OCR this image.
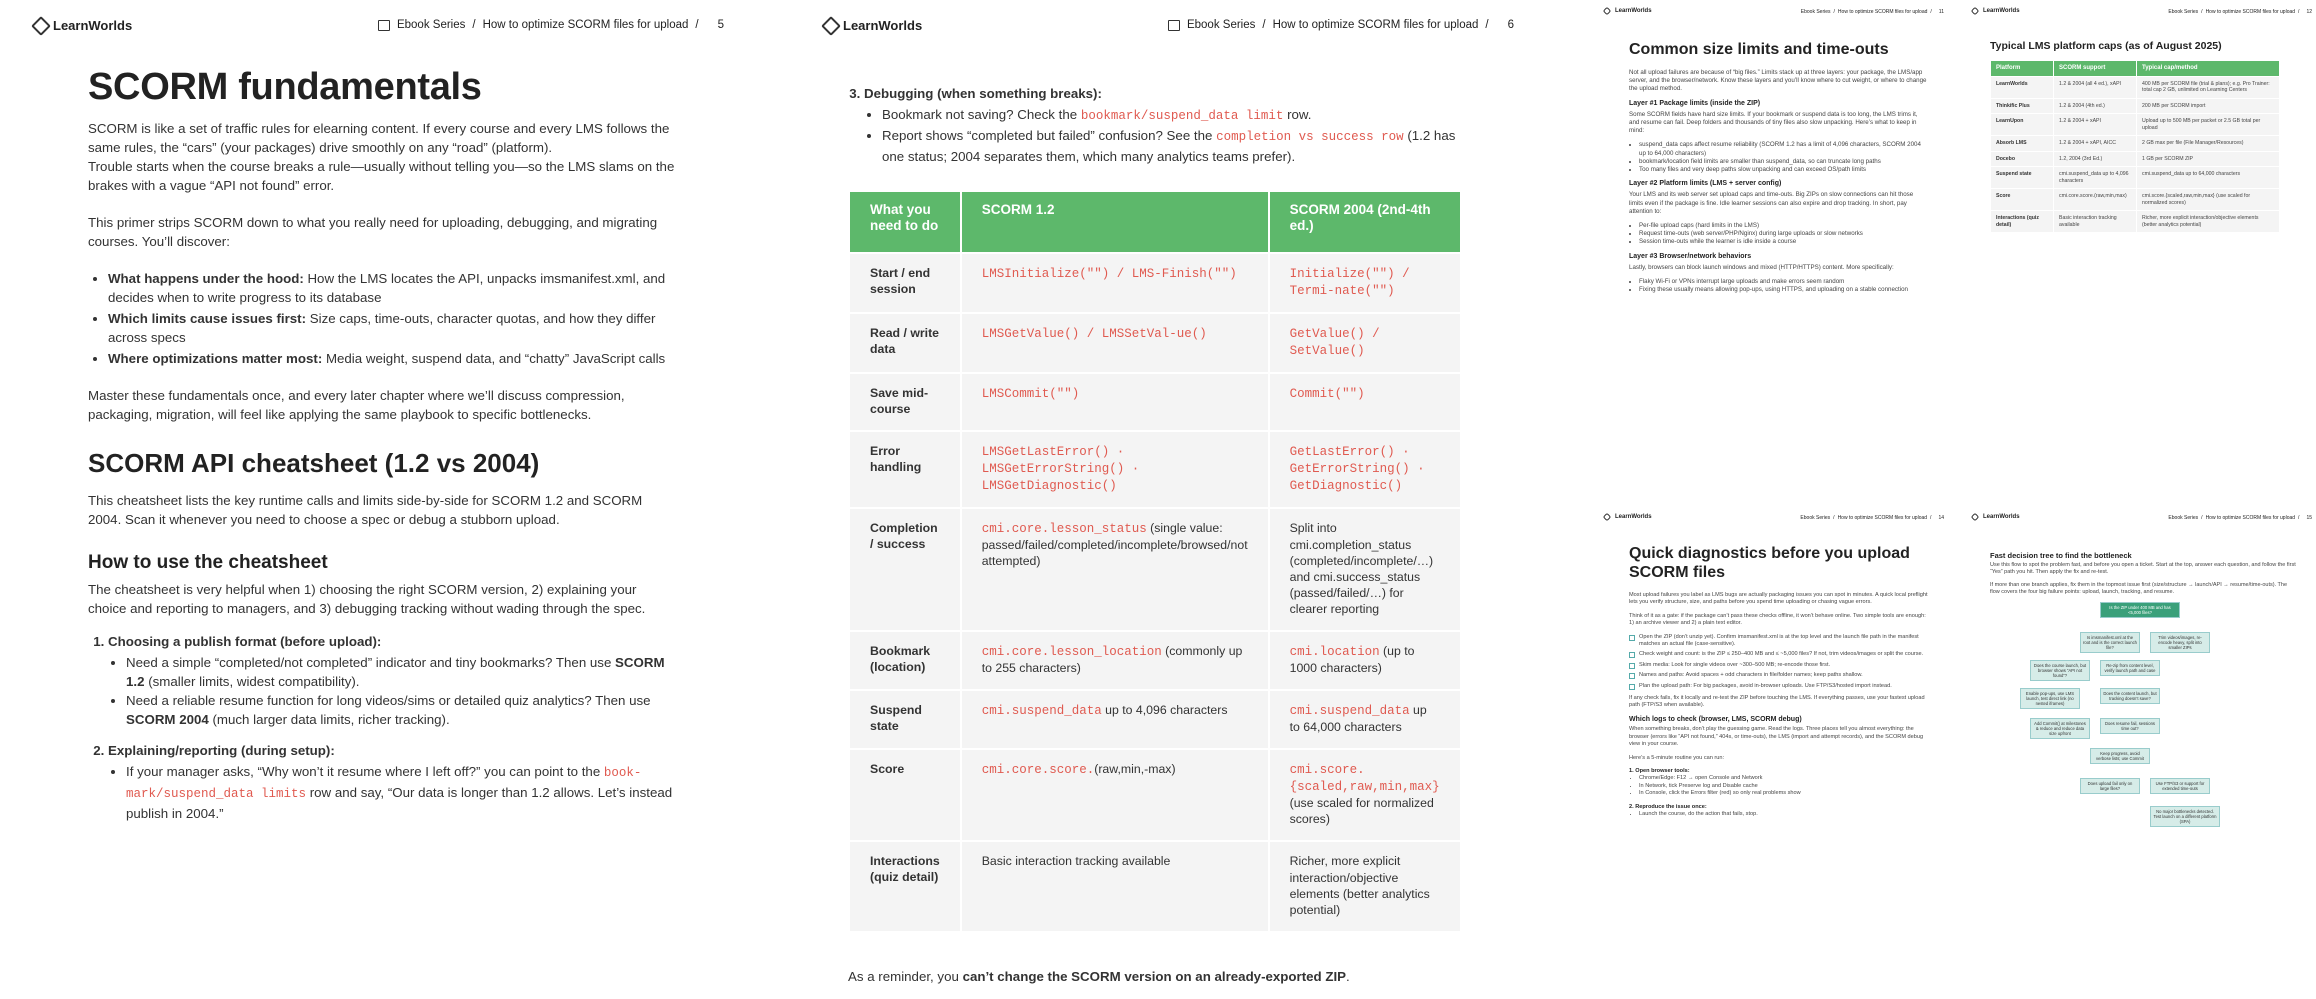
LearnWorlds	Ebook Series / How to optimize SCORM files for upload / 5
SCORM fundamentals

SCORM is like a set of traffic rules for elearning content. If every course and every LMS follows the same rules, the “cars” (your packages) drive smoothly on any “road” (platform).
Trouble starts when the course breaks a rule—usually without telling you—so the LMS slams on the brakes with a vague “API not found” error.

This primer strips SCORM down to what you really need for uploading, debugging, and migrating courses. You’ll discover:

• What happens under the hood: How the LMS locates the API, unpacks imsmanifest.xml, and decides when to write progress to its database
• Which limits cause issues first: Size caps, time-outs, character quotas, and how they differ across specs
• Where optimizations matter most: Media weight, suspend data, and “chatty” JavaScript calls

Master these fundamentals once, and every later chapter where we’ll discuss compression, packaging, migration, will feel like applying the same playbook to specific bottlenecks.

SCORM API cheatsheet (1.2 vs 2004)

This cheatsheet lists the key runtime calls and limits side-by-side for SCORM 1.2 and SCORM 2004. Scan it whenever you need to choose a spec or debug a stubborn upload.

How to use the cheatsheet

The cheatsheet is very helpful when 1) choosing the right SCORM version, 2) explaining your choice and reporting to managers, and 3) debugging tracking without wading through the spec.

1. Choosing a publish format (before upload):
• Need a simple “completed/not completed” indicator and tiny bookmarks? Then use SCORM 1.2 (smaller limits, widest compatibility).
• Need a reliable resume function for long videos/sims or detailed quiz analytics? Then use SCORM 2004 (much larger data limits, richer tracking).
2. Explaining/reporting (during setup):
• If your manager asks, “Why won’t it resume where I left off?” you can point to the book-mark/suspend_data limits row and say, “Our data is longer than 1.2 allows. Let’s instead publish in 2004.”
LearnWorlds	Ebook Series / How to optimize SCORM files for upload / 6
3. Debugging (when something breaks):
• Bookmark not saving? Check the bookmark/suspend_data limit row.
• Report shows “completed but failed” confusion? See the completion vs success row (1.2 has one status; 2004 separates them, which many analytics teams prefer).
What you need to do	SCORM 1.2	SCORM 2004 (2nd-4th ed.)
Start / end session	LMSInitialize("") / LMS-Finish("")	Initialize("") / Termi-nate("")
Read / write data	LMSGetValue() / LMSSetVal-ue()	GetValue() / SetValue()
Save mid-course	LMSCommit("")	Commit("")
Error handling	LMSGetLastError() · LMSGetErrorString() · LMSGetDiagnostic()	GetLastError() · GetErrorString() · GetDiagnostic()
Completion / success	cmi.core.lesson_status (single value: passed/failed/completed/incomplete/browsed/not attempted)	Split into cmi.completion_status (completed/incomplete/…) and cmi.success_status (passed/failed/…) for clearer reporting
Bookmark (location)	cmi.core.lesson_location (commonly up to 255 characters)	cmi.location (up to 1000 characters)
Suspend state	cmi.suspend_data up to 4,096 characters	cmi.suspend_data up to 64,000 characters
Score	cmi.core.score.(raw,min,-max)	cmi.score.{scaled,raw,min,max} (use scaled for normalized scores)
Interactions (quiz detail)	Basic interaction tracking available	Richer, more explicit interaction/objective elements (better analytics potential)

As a reminder, you can’t change the SCORM version on an already-exported ZIP.

LearnWorlds	Ebook Series / How to optimize SCORM files for upload / 11
Common size limits and time-outs

Not all upload failures are because of “big files.” Limits stack up at three layers: your package, the LMS/app server, and the browser/network. Know these layers and you’ll know where to cut weight, or where to change the upload method.

Layer #1 Package limits (inside the ZIP)

Some SCORM fields have hard size limits. If your bookmark or suspend data is too long, the LMS trims it, and resume can fail. Deep folders and thousands of tiny files also slow unpacking. Here’s what to keep in mind:

• suspend_data caps affect resume reliability (SCORM 1.2 has a limit of 4,096 characters, SCORM 2004 up to 64,000 characters)
• bookmark/location field limits are smaller than suspend_data, so can truncate long paths
• Too many files and very deep paths slow unpacking and can exceed OS/path limits
Layer #2 Platform limits (LMS + server config)

Your LMS and its web server set upload caps and time-outs. Big ZIPs on slow connections can hit those limits even if the package is fine. Idle learner sessions can also expire and drop tracking. In short, pay attention to:

• Per-file upload caps (hard limits in the LMS)
• Request time-outs (web server/PHP/Nginx) during large uploads or slow networks
• Session time-outs while the learner is idle inside a course
Layer #3 Browser/network behaviors

Lastly, browsers can block launch windows and mixed (HTTP/HTTPS) content. More specifically:

• Flaky Wi-Fi or VPNs interrupt large uploads and make errors seem random
• Fixing these usually means allowing pop-ups, using HTTPS, and uploading on a stable connection
LearnWorlds	Ebook Series / How to optimize SCORM files for upload / 12
Typical LMS platform caps (as of August 2025)
Platform	SCORM support	Typical cap/method
LearnWorlds	1.2 & 2004 (all 4 ed.), xAPI	400 MB per SCORM file (trial & plans); e.g. Pro Trainer: total cap 2 GB, unlimited on Learning Centers
Thinkific Plus	1.2 & 2004 (4th ed.)	200 MB per SCORM import
LearnUpon	1.2 & 2004 + xAPI	Upload up to 500 MB per packet or 2.5 GB total per upload
Absorb LMS	1.2 & 2004 + xAPI, AICC	2 GB max per file (File Manager/Resources)
Docebo	1.2, 2004 (3rd Ed.)	1 GB per SCORM ZIP
Suspend state	cmi.suspend_data up to 4,096 characters	cmi.suspend_data up to 64,000 characters
Score	cmi.core.score.(raw,min,max)	cmi.score.{scaled,raw,min,max} (use scaled for normalized scores)
Interactions (quiz detail)	Basic interaction tracking available	Richer, more explicit interaction/objective elements (better analytics potential)
LearnWorlds	Ebook Series / How to optimize SCORM files for upload / 14
Quick diagnostics before you upload SCORM files

Most upload failures you label as LMS bugs are actually packaging issues you can spot in minutes. A quick local preflight lets you verify structure, size, and paths before you spend time uploading or chasing vague errors.

Think of it as a gate: if the package can’t pass these checks offline, it won’t behave online. Two simple tools are enough: 1) an archive viewer and 2) a plain text editor.

Open the ZIP (don’t unzip yet). Confirm imsmanifest.xml is at the top level and the launch file path in the manifest matches an actual file (case-sensitive).
Check weight and count: is the ZIP ≤ 250–400 MB and ≤ ~5,000 files? If not, trim videos/images or split the course.
Skim media: Look for single videos over ~300–500 MB; re-encode those first.
Names and paths: Avoid spaces + odd characters in file/folder names; keep paths shallow.
Plan the upload path: For big packages, avoid in-browser uploads. Use FTP/S3/hosted import instead.

If any check fails, fix it locally and re-test the ZIP before touching the LMS. If everything passes, use your fastest upload path (FTP/S3 when available).

Which logs to check (browser, LMS, SCORM debug)

When something breaks, don’t play the guessing game. Read the logs. Three places tell you almost everything: the browser (errors like “API not found,” 404s, or time-outs), the LMS (import and attempt records), and the SCORM debug view in your course.

Here’s a 5-minute routine you can run:

1. Open browser tools:
• Chrome/Edge: F12 → open Console and Network
• In Network, tick Preserve log and Disable cache
• In Console, click the Errors filter (red) so only real problems show
2. Reproduce the issue once:
• Launch the course, do the action that fails, stop.
LearnWorlds	Ebook Series / How to optimize SCORM files for upload / 15
Fast decision tree to find the bottleneck

Use this flow to spot the problem fast, and before you open a ticket. Start at the top, answer each question, and follow the first “Yes” path you hit. Then apply the fix and re-test.

If more than one branch applies, fix them in the topmost issue first (size/structure → launch/API → resume/time-outs). The flow covers the four big failure points: upload, launch, tracking, and resume.

Is the ZIP under 400 MB and has <5,000 files?
Is imsmanifest.xml at the root and is the correct launch file?
Trim videos/images, re-encode heavy, split into smaller ZIPs
Does the course launch, but browser shows “API not found”?
Re-zip from content level, verify launch path and case
Enable pop-ups, use LMS launch, test direct link (no nested iframes)
Does the content launch, but tracking doesn’t save?
Add Commit() at milestones & reduce and reduce data size upfront
Does resume fail, sessions time out?
Keep progress, avoid verbose lists; use Commit
Does upload fail only on large files?
Use FTP/S3 or support for extended time-outs
No major bottlenecks detected. Test launch on a different platform (SPA)
